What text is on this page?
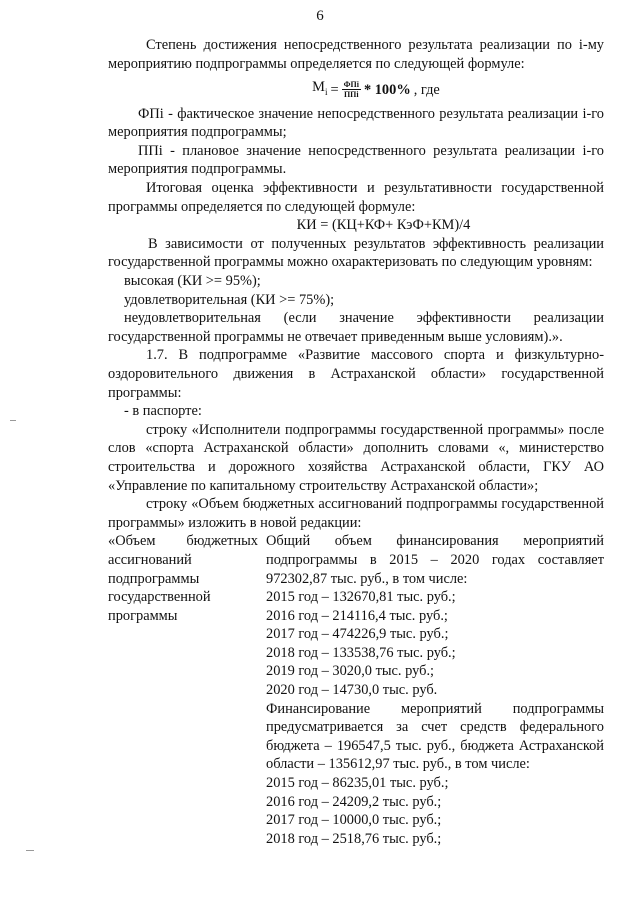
6

Степень достижения непосредственного результата реализации по i-му мероприятию подпрограммы определяется по следующей формуле:

$M_i = \frac{\text{ФПі}}{\text{ППі}} * 100\%$ , где

ФПі - фактическое значение непосредственного результата реализации i-го мероприятия подпрограммы;

ППі - плановое значение непосредственного результата реализации i-го мероприятия подпрограммы.

Итоговая оценка эффективности и результативности государственной программы определяется по следующей формуле:

КИ = (КЦ+КФ+ КэФ+КМ)/4

В зависимости от полученных результатов эффективность реализации государственной программы можно охарактеризовать по следующим уровням:

высокая (КИ >= 95%);

удовлетворительная (КИ >= 75%);

неудовлетворительная (если значение эффективности реализации государственной программы не отвечает приведенным выше условиям).».

1.7. В подпрограмме «Развитие массового спорта и физкультурно-оздоровительного движения в Астраханской области» государственной программы:

- в паспорте:

строку «Исполнители подпрограммы государственной программы» после слов «спорта Астраханской области» дополнить словами «, министерство строительства и дорожного хозяйства Астраханской области, ГКУ АО «Управление по капитальному строительству Астраханской области»;

строку «Объем бюджетных ассигнований подпрограммы государственной программы» изложить в новой редакции:

«Объем бюджетных ассигнований подпрограммы государственной программы

Общий объем финансирования мероприятий подпрограммы в 2015 – 2020 годах составляет 972302,87 тыс. руб., в том числе:

2015 год – 132670,81 тыс. руб.;

2016 год – 214116,4 тыс. руб.;

2017 год – 474226,9 тыс. руб.;

2018 год – 133538,76 тыс. руб.;

2019 год – 3020,0 тыс. руб.;

2020 год – 14730,0 тыс. руб.

Финансирование мероприятий подпрограммы предусматривается за счет средств федерального бюджета – 196547,5 тыс. руб., бюджета Астраханской области – 135612,97 тыс. руб., в том числе:

2015 год – 86235,01 тыс. руб.;

2016 год – 24209,2 тыс. руб.;

2017 год – 10000,0 тыс. руб.;

2018 год – 2518,76 тыс. руб.;
